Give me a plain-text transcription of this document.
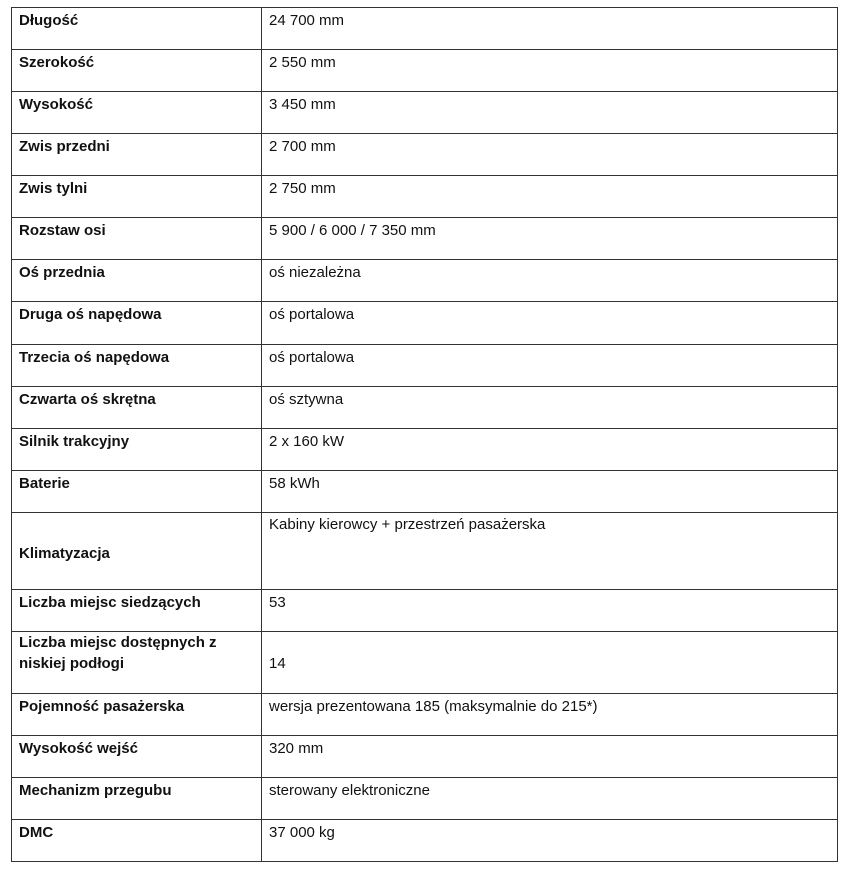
Długość	24 700 mm
Szerokość	2 550 mm
Wysokość	3 450 mm
Zwis przedni	2 700 mm
Zwis tylni	2 750 mm
Rozstaw osi	5 900 / 6 000 / 7 350 mm
Oś przednia	oś niezależna
Druga oś napędowa	oś portalowa
Trzecia oś napędowa	oś portalowa
Czwarta oś skrętna	oś sztywna
Silnik trakcyjny	2 x 160 kW
Baterie	58 kWh
Klimatyzacja	Kabiny kierowcy + przestrzeń pasażerska
Liczba miejsc siedzących	53
Liczba miejsc dostępnych z niskiej podłogi	14
Pojemność pasażerska	wersja prezentowana 185 (maksymalnie do 215*)
Wysokość wejść	320 mm
Mechanizm przegubu	sterowany elektroniczne
DMC	37 000 kg
